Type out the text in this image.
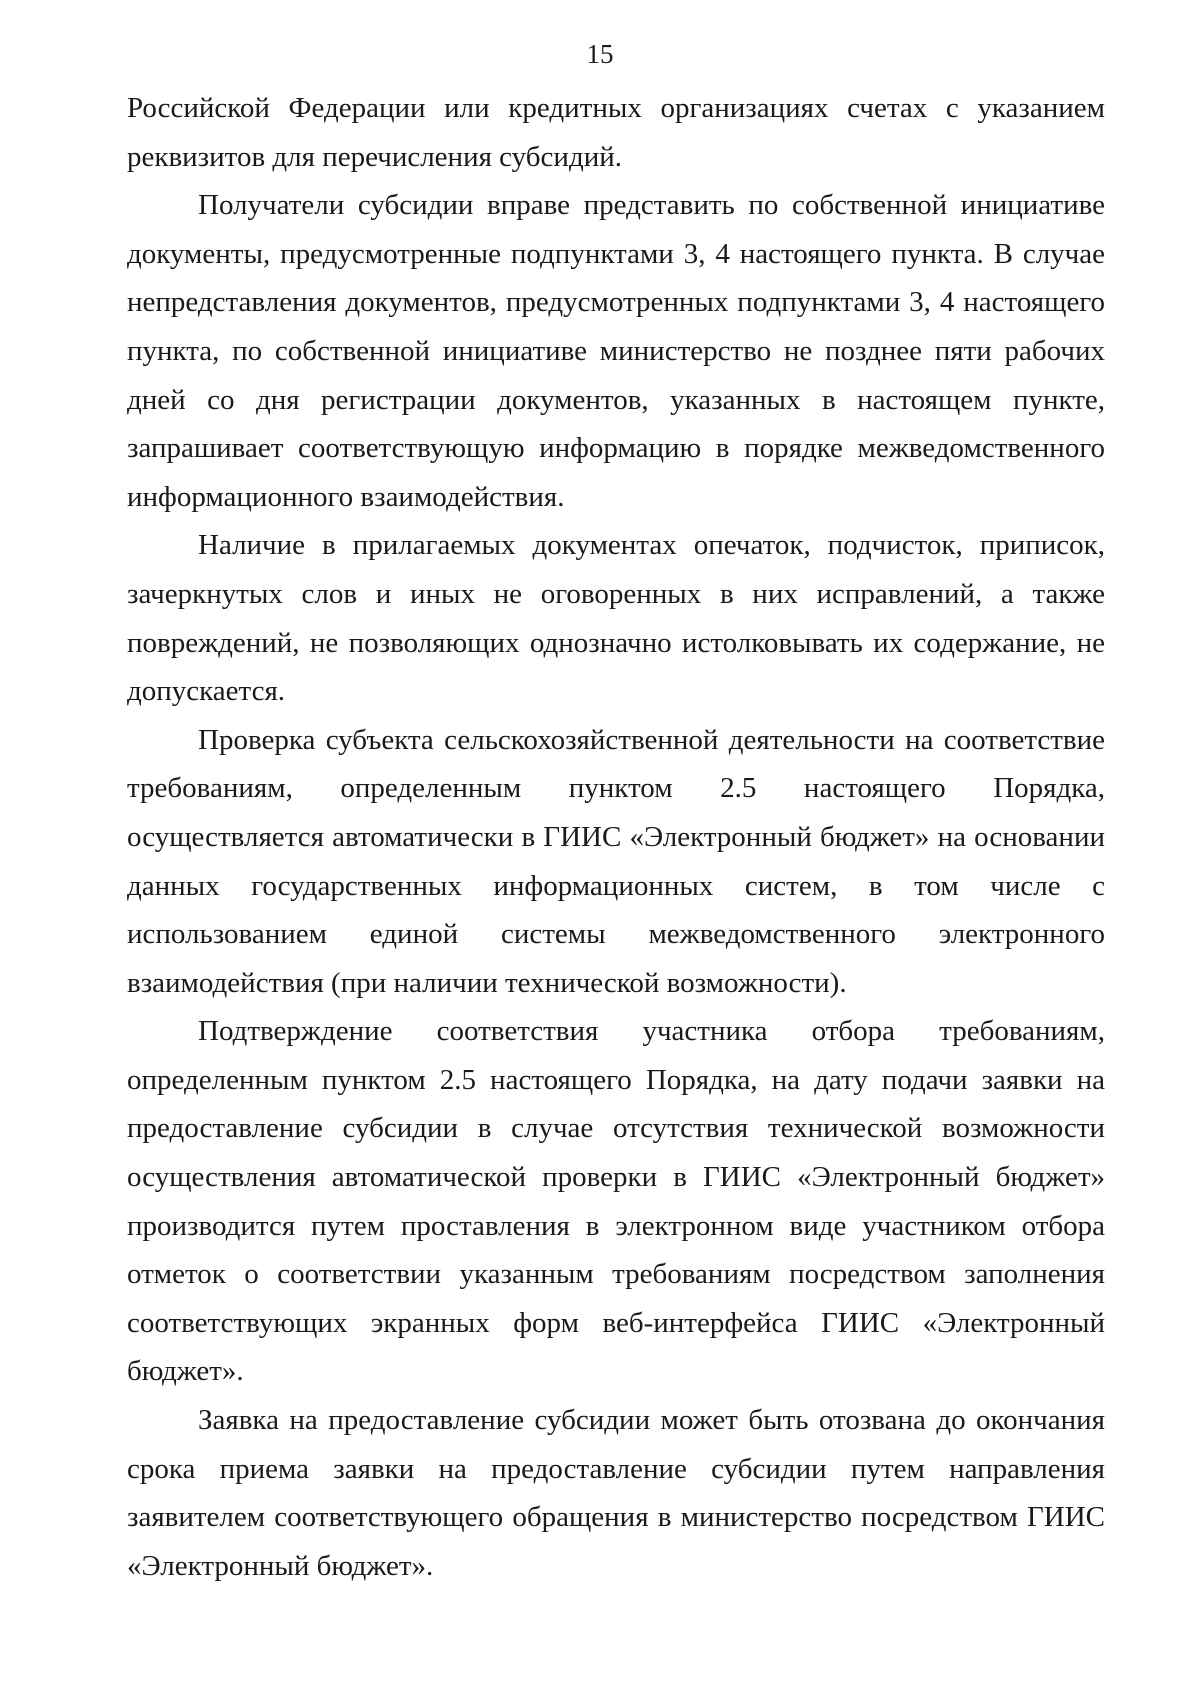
15

Российской Федерации или кредитных организациях счетах с указанием реквизитов для перечисления субсидий.

Получатели субсидии вправе представить по собственной инициативе документы, предусмотренные подпунктами 3, 4 настоящего пункта. В случае непредставления документов, предусмотренных подпунктами 3, 4 настоящего пункта, по собственной инициативе министерство не позднее пяти рабочих дней со дня регистрации документов, указанных в настоящем пункте, запрашивает соответствующую информацию в порядке межведомственного информационного взаимодействия.

Наличие в прилагаемых документах опечаток, подчисток, приписок, зачеркнутых слов и иных не оговоренных в них исправлений, а также повреждений, не позволяющих однозначно истолковывать их содержание, не допускается.

Проверка субъекта сельскохозяйственной деятельности на соответствие требованиям, определенным пунктом 2.5 настоящего Порядка, осуществляется автоматически в ГИИС «Электронный бюджет» на основании данных государственных информационных систем, в том числе с использованием единой системы межведомственного электронного взаимодействия (при наличии технической возможности).

Подтверждение соответствия участника отбора требованиям, определенным пунктом 2.5 настоящего Порядка, на дату подачи заявки на предоставление субсидии в случае отсутствия технической возможности осуществления автоматической проверки в ГИИС «Электронный бюджет» производится путем проставления в электронном виде участником отбора отметок о соответствии указанным требованиям посредством заполнения соответствующих экранных форм веб-интерфейса ГИИС «Электронный бюджет».

Заявка на предоставление субсидии может быть отозвана до окончания срока приема заявки на предоставление субсидии путем направления заявителем соответствующего обращения в министерство посредством ГИИС «Электронный бюджет».
